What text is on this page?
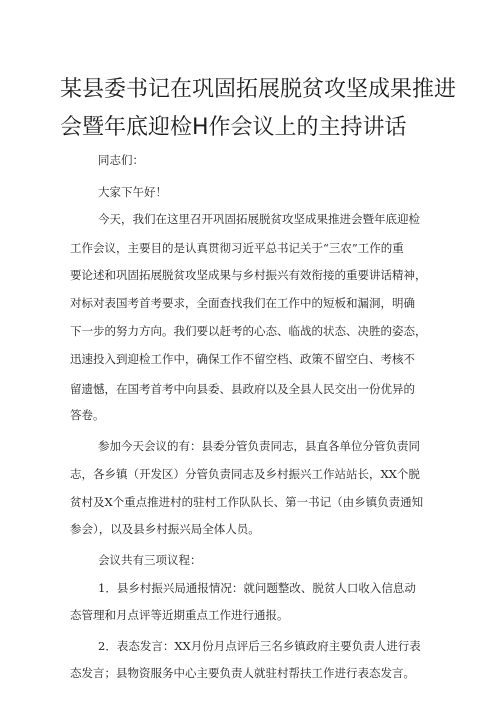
某县委书记在巩固拓展脱贫攻坚成果推进
会暨年底迎检H作会议上的主持讲话

同志们：

大家下午好！

今天，我们在这里召开巩固拓展脱贫攻坚成果推进会暨年底迎检

工作会议，主要目的是认真贯彻习近平总书记关于“三农”工作的重

要论述和巩固拓展脱贫攻坚成果与乡村振兴有效衔接的重要讲话精神，

对标对表国考首考要求，全面查找我们在工作中的短板和漏洞，明确

下一步的努力方向。我们要以赶考的心态、临战的状态、决胜的姿态，

迅速投入到迎检工作中，确保工作不留空档、政策不留空白、考核不

留遗憾，在国考首考中向县委、县政府以及全县人民交出一份优异的

答卷。

参加今天会议的有：县委分管负责同志，县直各单位分管负责同

志，各乡镇（开发区）分管负责同志及乡村振兴工作站站长，XX个脱

贫村及X个重点推进村的驻村工作队队长、第一书记（由乡镇负责通知

参会），以及县乡村振兴局全体人员。

会议共有三项议程：

1．县乡村振兴局通报情况：就问题整改、脱贫人口收入信息动

态管理和月点评等近期重点工作进行通报。

2．表态发言：XX月份月点评后三名乡镇政府主要负责人进行表

态发言；县物资服务中心主要负责人就驻村帮扶工作进行表态发言。
